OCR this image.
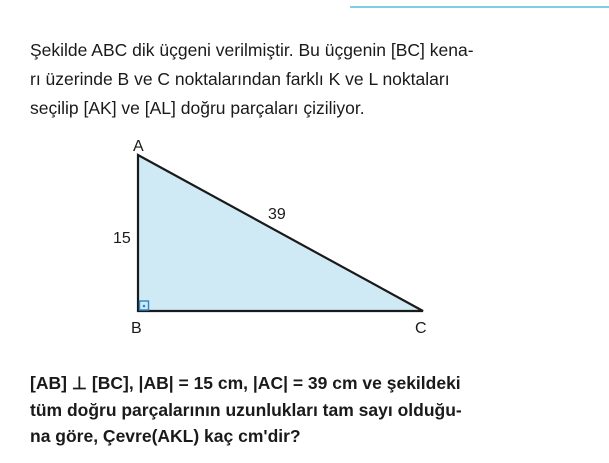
Şekilde ABC dik üçgeni verilmiştir. Bu üçgenin [BC] kena-
rı üzerinde B ve C noktalarından farklı K ve L noktaları
seçilip [AK] ve [AL] doğru parçaları çiziliyor.

A
B	C
15
39

[AB] ⊥ [BC], |AB| = 15 cm, |AC| = 39 cm ve şekildeki
tüm doğru parçalarının uzunlukları tam sayı olduğu-
na göre, Çevre(AKL) kaç cm'dir?
